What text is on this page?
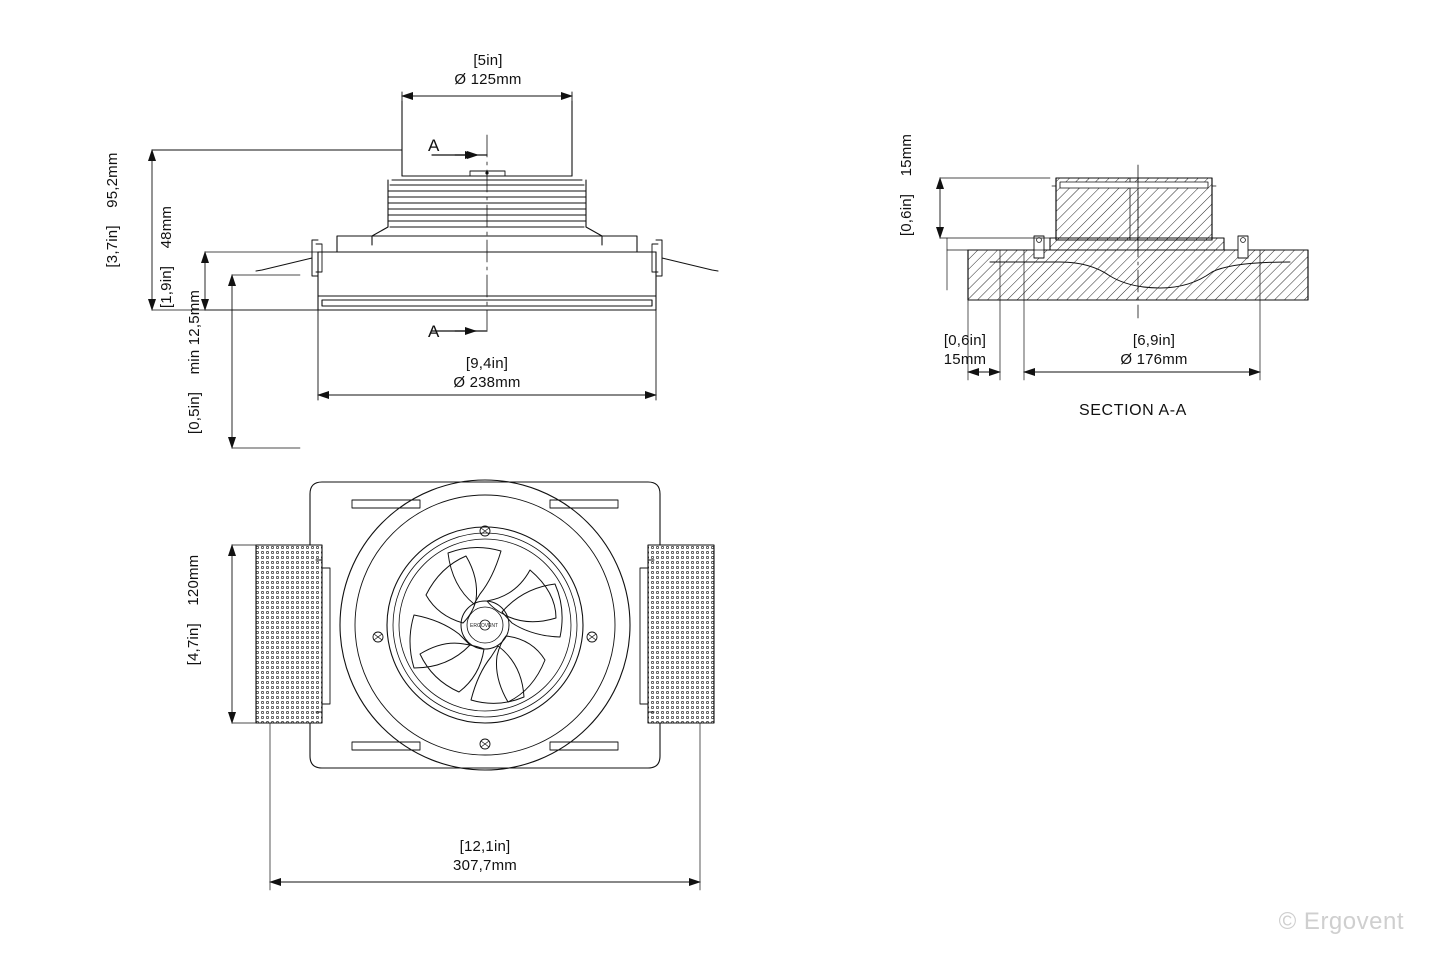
[5in]
Ø 125mm
[3,7in]    95,2mm
[1,9in]    48mm
[0,5in]    min 12,5mm	[9,4in]
Ø 238mm
A
A
[0,6in]    15mm
[0,6in]
15mm
[6,9in]
Ø 176mm
SECTION A-A
[4,7in]    120mm
[12,1in]
307,7mm
ERGOVENT
© Ergovent
